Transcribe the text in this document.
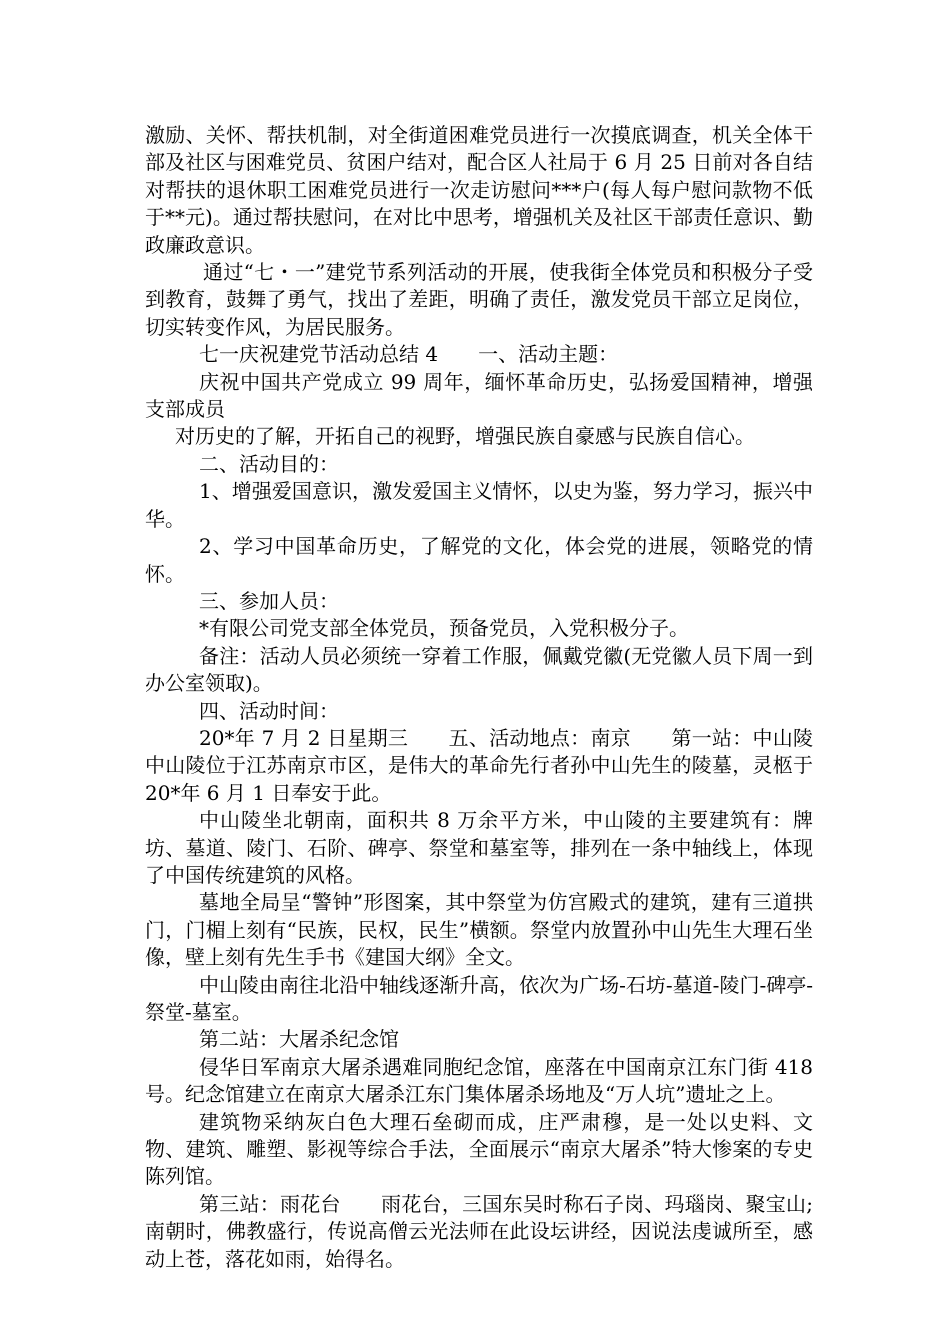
激励、关怀、帮扶机制，对全街道困难党员进行一次摸底调查，机关全体干部及社区与困难党员、贫困户结对，配合区人社局于 6 月 25 日前对各自结对帮扶的退休职工困难党员进行一次走访慰问***户(每人每户慰问款物不低于**元)。通过帮扶慰问，在对比中思考，增强机关及社区干部责任意识、勤政廉政意识。

通过“七・一”建党节系列活动的开展，使我街全体党员和积极分子受到教育，鼓舞了勇气，找出了差距，明确了责任，激发党员干部立足岗位，切实转变作风，为居民服务。

七一庆祝建党节活动总结 4　　一、活动主题：

庆祝中国共产党成立 99 周年，缅怀革命历史，弘扬爱国精神，增强支部成员

对历史的了解，开拓自己的视野，增强民族自豪感与民族自信心。

二、活动目的：

1、增强爱国意识，激发爱国主义情怀，以史为鉴，努力学习，振兴中华。

2、学习中国革命历史，了解党的文化，体会党的进展，领略党的情怀。

三、参加人员：

*有限公司党支部全体党员，预备党员，入党积极分子。

备注：活动人员必须统一穿着工作服，佩戴党徽(无党徽人员下周一到办公室领取)。

四、活动时间：

20*年 7 月 2 日星期三　　五、活动地点：南京　　第一站：中山陵　　中山陵位于江苏南京市区，是伟大的革命先行者孙中山先生的陵墓，灵柩于20*年 6 月 1 日奉安于此。

中山陵坐北朝南，面积共 8 万余平方米，中山陵的主要建筑有：牌坊、墓道、陵门、石阶、碑亭、祭堂和墓室等，排列在一条中轴线上，体现了中国传统建筑的风格。

墓地全局呈“警钟”形图案，其中祭堂为仿宫殿式的建筑，建有三道拱门，门楣上刻有“民族，民权，民生”横额。祭堂内放置孙中山先生大理石坐像，壁上刻有先生手书《建国大纲》全文。

中山陵由南往北沿中轴线逐渐升高，依次为广场-石坊-墓道-陵门-碑亭-祭堂-墓室。

第二站：大屠杀纪念馆

侵华日军南京大屠杀遇难同胞纪念馆，座落在中国南京江东门街 418 号。纪念馆建立在南京大屠杀江东门集体屠杀场地及“万人坑”遗址之上。

建筑物采纳灰白色大理石垒砌而成，庄严肃穆，是一处以史料、文物、建筑、雕塑、影视等综合手法，全面展示“南京大屠杀”特大惨案的专史陈列馆。

第三站：雨花台　　雨花台，三国东吴时称石子岗、玛瑙岗、聚宝山;南朝时，佛教盛行，传说高僧云光法师在此设坛讲经，因说法虔诚所至，感动上苍，落花如雨，始得名。
